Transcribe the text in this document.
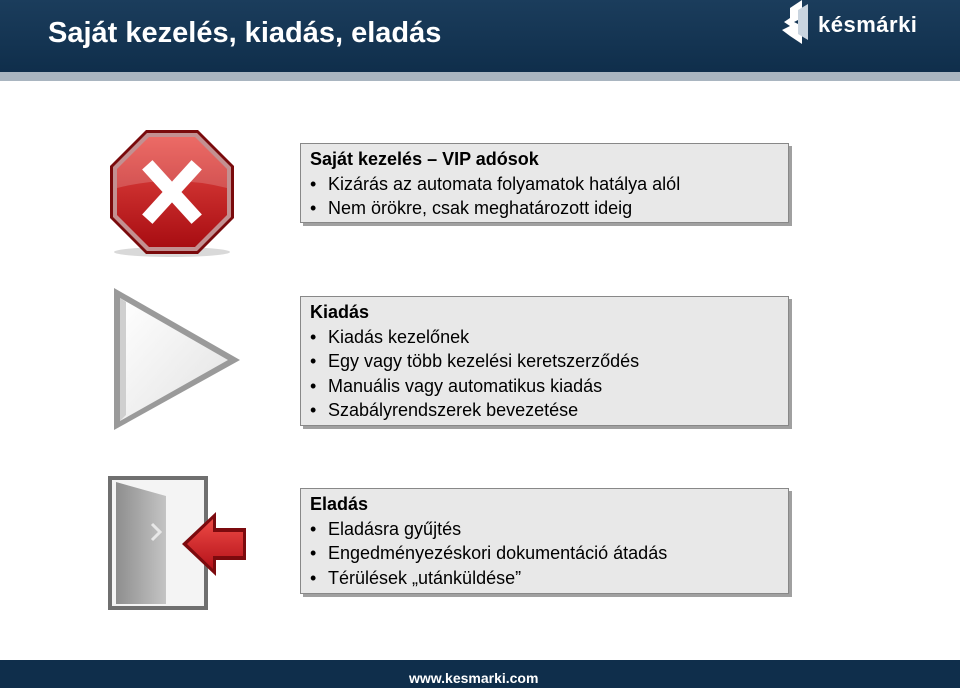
Saját kezelés, kiadás, eladás	késmárki
Saját kezelés – VIP adósok
• Kizárás az automata folyamatok hatálya alól
• Nem örökre, csak meghatározott ideig
Kiadás
• Kiadás kezelőnek
• Egy vagy több kezelési keretszerződés
• Manuális vagy automatikus kiadás
• Szabályrendszerek bevezetése
Eladás
• Eladásra gyűjtés
• Engedményezéskori dokumentáció átadás
• Térülések „utánküldése”
www.kesmarki.com
